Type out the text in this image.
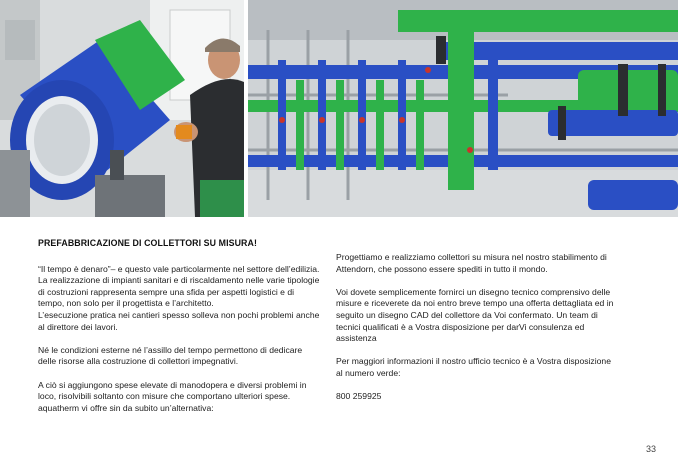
PREFABBRICAZIONE DI COLLETTORI SU MISURA!

“Il tempo è denaro”– e questo vale particolarmente nel settore dell’edilizia. La realizzazione di impianti sanitari e di riscaldamento nelle varie tipologie di costruzioni rappresenta sempre una sfida per aspetti logistici e di tempo, non solo per il progettista e l’architetto.

L’esecuzione pratica nei cantieri spesso solleva non pochi problemi anche al direttore dei lavori.

Né le condizioni esterne né l’assillo del tempo permettono di dedicare delle risorse alla costruzione di collettori impegnativi.

A ciò si aggiungono spese elevate di manodopera e diversi problemi in loco, risolvibili soltanto con misure che comportano ulteriori spese. aquatherm vi offre sin da subito un’alternativa:

Progettiamo e realizziamo collettori su misura nel nostro stabilimento di Attendorn, che possono essere spediti in tutto il mondo.

Voi dovete semplicemente fornirci un disegno tecnico comprensivo delle misure e riceverete da noi entro breve tempo una offerta dettagliata ed in seguito un disegno CAD del collettore da Voi confermato. Un team di tecnici qualificati è a Vostra disposizione per darVi consulenza ed assistenza

Per maggiori informazioni il nostro ufficio tecnico è a Vostra disposizione al numero verde:

800 259925

33
